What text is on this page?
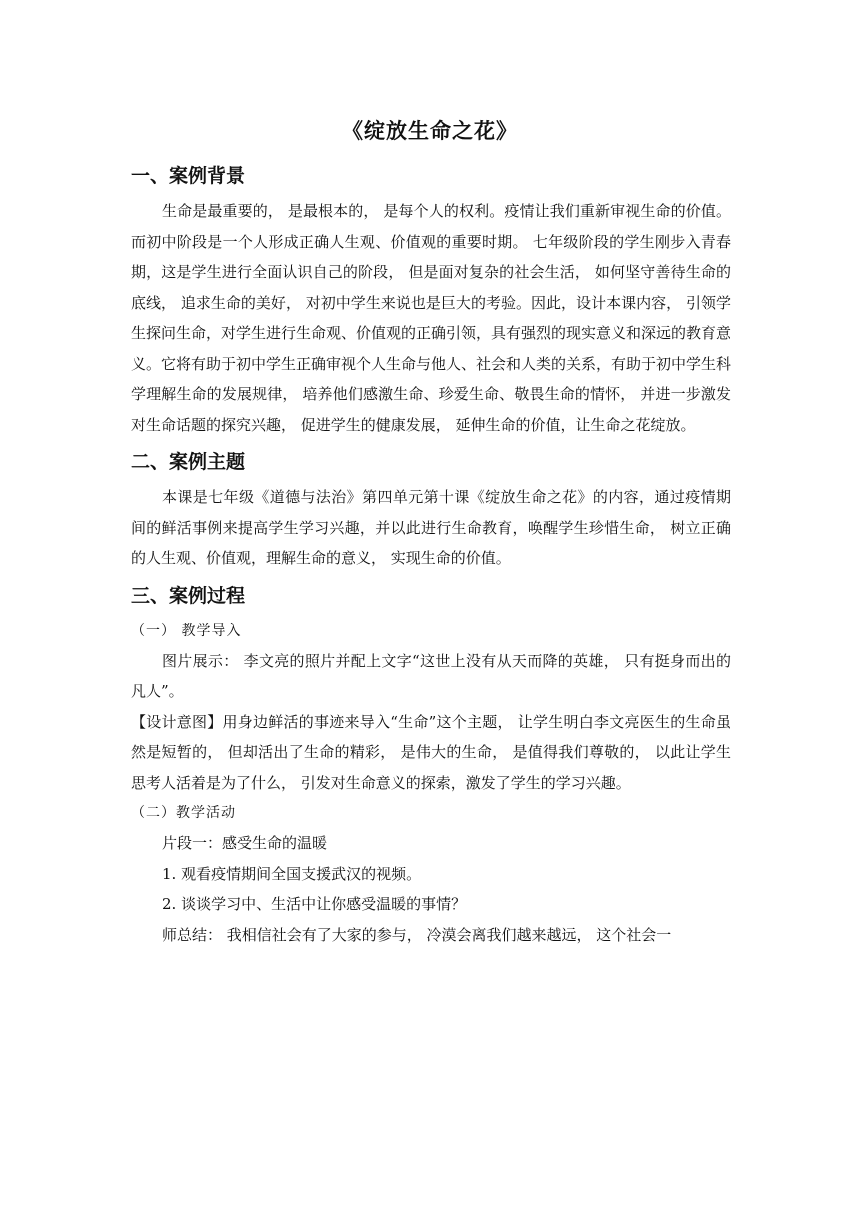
《绽放生命之花》
一、案例背景

生命是最重要的， 是最根本的， 是每个人的权利。疫情让我们重新审视生命的价值。而初中阶段是一个人形成正确人生观、价值观的重要时期。 七年级阶段的学生刚步入青春期，这是学生进行全面认识自己的阶段， 但是面对复杂的社会生活， 如何坚守善待生命的底线， 追求生命的美好， 对初中学生来说也是巨大的考验。因此，设计本课内容， 引领学生探问生命，对学生进行生命观、价值观的正确引领，具有强烈的现实意义和深远的教育意义。它将有助于初中学生正确审视个人生命与他人、社会和人类的关系，有助于初中学生科学理解生命的发展规律， 培养他们感激生命、珍爱生命、敬畏生命的情怀， 并进一步激发对生命话题的探究兴趣， 促进学生的健康发展， 延伸生命的价值，让生命之花绽放。

二、案例主题

本课是七年级《道德与法治》第四单元第十课《绽放生命之花》的内容，通过疫情期间的鲜活事例来提高学生学习兴趣，并以此进行生命教育，唤醒学生珍惜生命， 树立正确的人生观、价值观，理解生命的意义， 实现生命的价值。

三、案例过程
（一） 教学导入

图片展示： 李文亮的照片并配上文字“这世上没有从天而降的英雄， 只有挺身而出的凡人”。

【设计意图】用身边鲜活的事迹来导入“生命”这个主题， 让学生明白李文亮医生的生命虽然是短暂的， 但却活出了生命的精彩， 是伟大的生命， 是值得我们尊敬的， 以此让学生思考人活着是为了什么， 引发对生命意义的探索，激发了学生的学习兴趣。

（二）教学活动

片段一：感受生命的温暖

1. 观看疫情期间全国支援武汉的视频。

2. 谈谈学习中、生活中让你感受温暖的事情？

师总结： 我相信社会有了大家的参与， 冷漠会离我们越来越远， 这个社会一
